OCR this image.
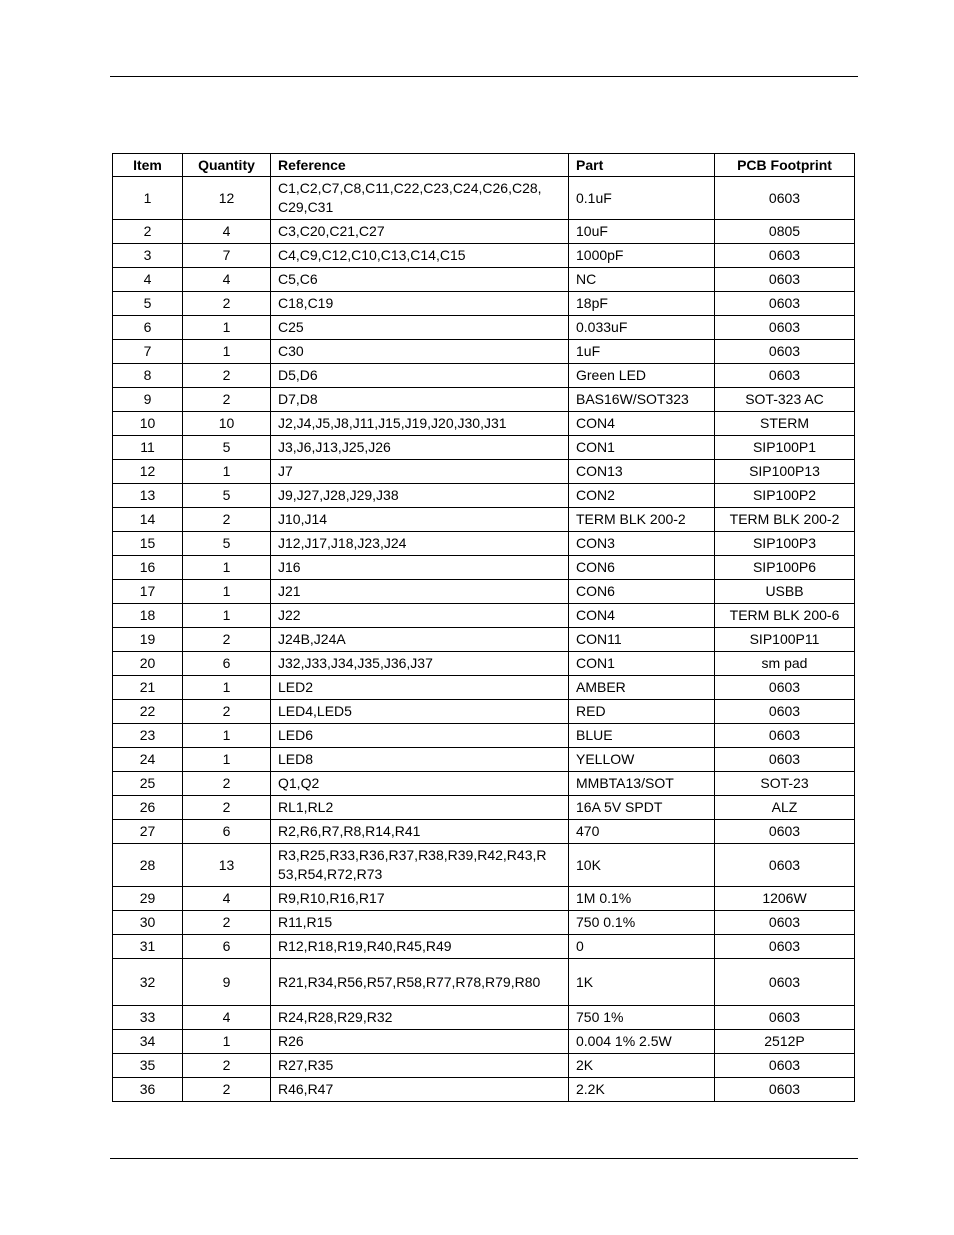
Item	Quantity	Reference	Part	PCB Footprint
1	12	C1,C2,C7,C8,C11,C22,C23,C24,C26,C28, C29,C31	0.1uF	0603
2	4	C3,C20,C21,C27	10uF	0805
3	7	C4,C9,C12,C10,C13,C14,C15	1000pF	0603
4	4	C5,C6	NC	0603
5	2	C18,C19	18pF	0603
6	1	C25	0.033uF	0603
7	1	C30	1uF	0603
8	2	D5,D6	Green LED	0603
9	2	D7,D8	BAS16W/SOT323	SOT-323 AC
10	10	J2,J4,J5,J8,J11,J15,J19,J20,J30,J31	CON4	STERM
11	5	J3,J6,J13,J25,J26	CON1	SIP100P1
12	1	J7	CON13	SIP100P13
13	5	J9,J27,J28,J29,J38	CON2	SIP100P2
14	2	J10,J14	TERM BLK 200-2	TERM BLK 200-2
15	5	J12,J17,J18,J23,J24	CON3	SIP100P3
16	1	J16	CON6	SIP100P6
17	1	J21	CON6	USBB
18	1	J22	CON4	TERM BLK 200-6
19	2	J24B,J24A	CON11	SIP100P11
20	6	J32,J33,J34,J35,J36,J37	CON1	sm pad
21	1	LED2	AMBER	0603
22	2	LED4,LED5	RED	0603
23	1	LED6	BLUE	0603
24	1	LED8	YELLOW	0603
25	2	Q1,Q2	MMBTA13/SOT	SOT-23
26	2	RL1,RL2	16A 5V SPDT	ALZ
27	6	R2,R6,R7,R8,R14,R41	470	0603
28	13	R3,R25,R33,R36,R37,R38,R39,R42,R43,R 53,R54,R72,R73	10K	0603
29	4	R9,R10,R16,R17	1M 0.1%	1206W
30	2	R11,R15	750 0.1%	0603
31	6	R12,R18,R19,R40,R45,R49	0	0603
32	9	R21,R34,R56,R57,R58,R77,R78,R79,R80	1K	0603
33	4	R24,R28,R29,R32	750 1%	0603
34	1	R26	0.004 1% 2.5W	2512P
35	2	R27,R35	2K	0603
36	2	R46,R47	2.2K	0603
